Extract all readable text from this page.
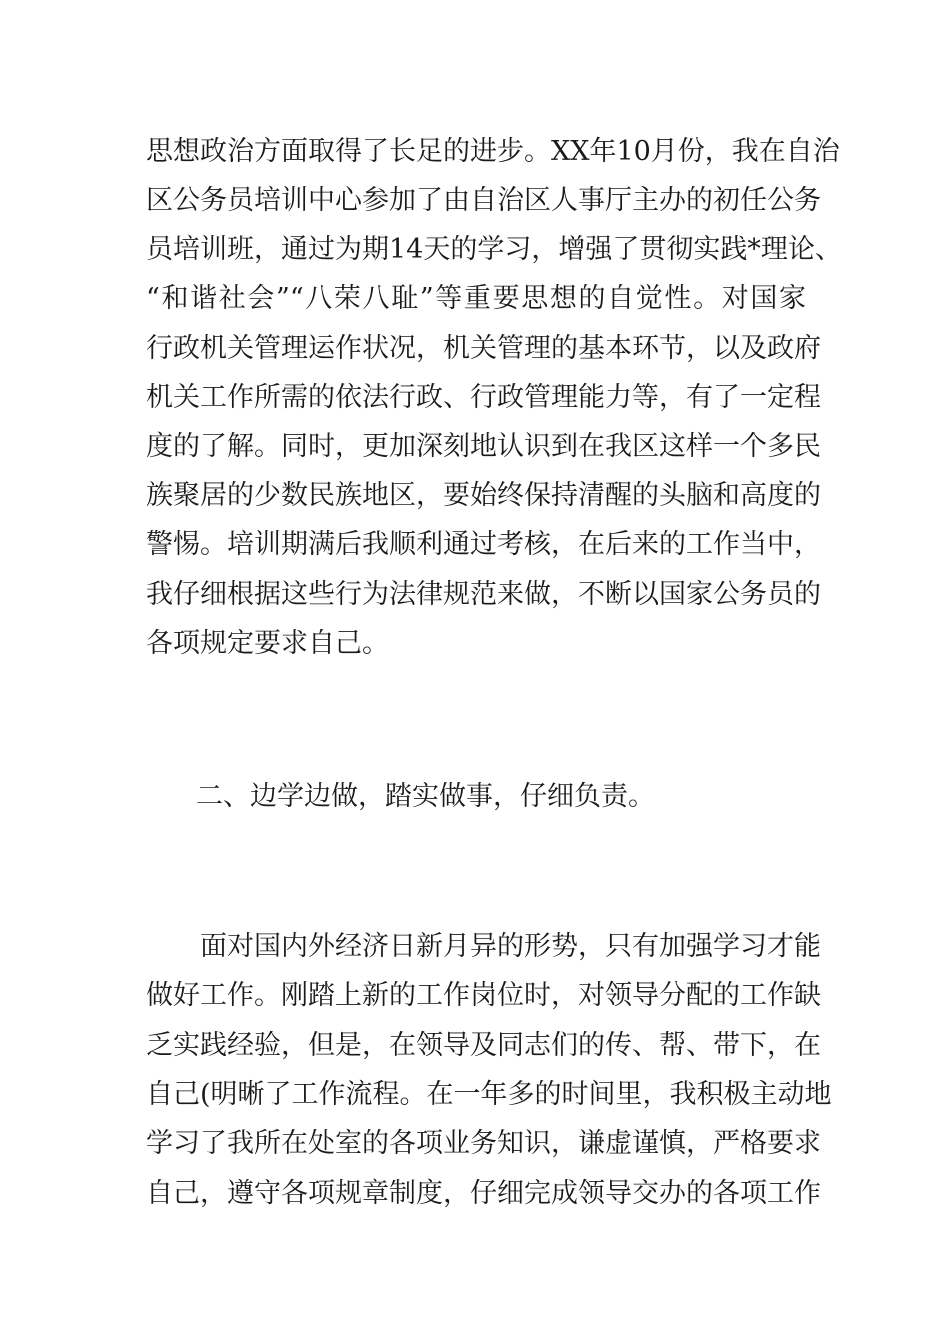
思想政治方面取得了长足的进步。XX年10月份，我在自治
区公务员培训中心参加了由自治区人事厅主办的初任公务
员培训班，通过为期14天的学习，增强了贯彻实践*理论、
“和谐社会”“八荣八耻”等重要思想的自觉性。对国家
行政机关管理运作状况，机关管理的基本环节，以及政府
机关工作所需的依法行政、行政管理能力等，有了一定程
度的了解。同时，更加深刻地认识到在我区这样一个多民
族聚居的少数民族地区，要始终保持清醒的头脑和高度的
警惕。培训期满后我顺利通过考核，在后来的工作当中，
我仔细根据这些行为法律规范来做，不断以国家公务员的
各项规定要求自己。
二、边学边做，踏实做事，仔细负责。
面对国内外经济日新月异的形势，只有加强学习才能
做好工作。刚踏上新的工作岗位时，对领导分配的工作缺
乏实践经验，但是，在领导及同志们的传、帮、带下，在
自己(明晰了工作流程。在一年多的时间里，我积极主动地
学习了我所在处室的各项业务知识，谦虚谨慎，严格要求
自己，遵守各项规章制度，仔细完成领导交办的各项工作
